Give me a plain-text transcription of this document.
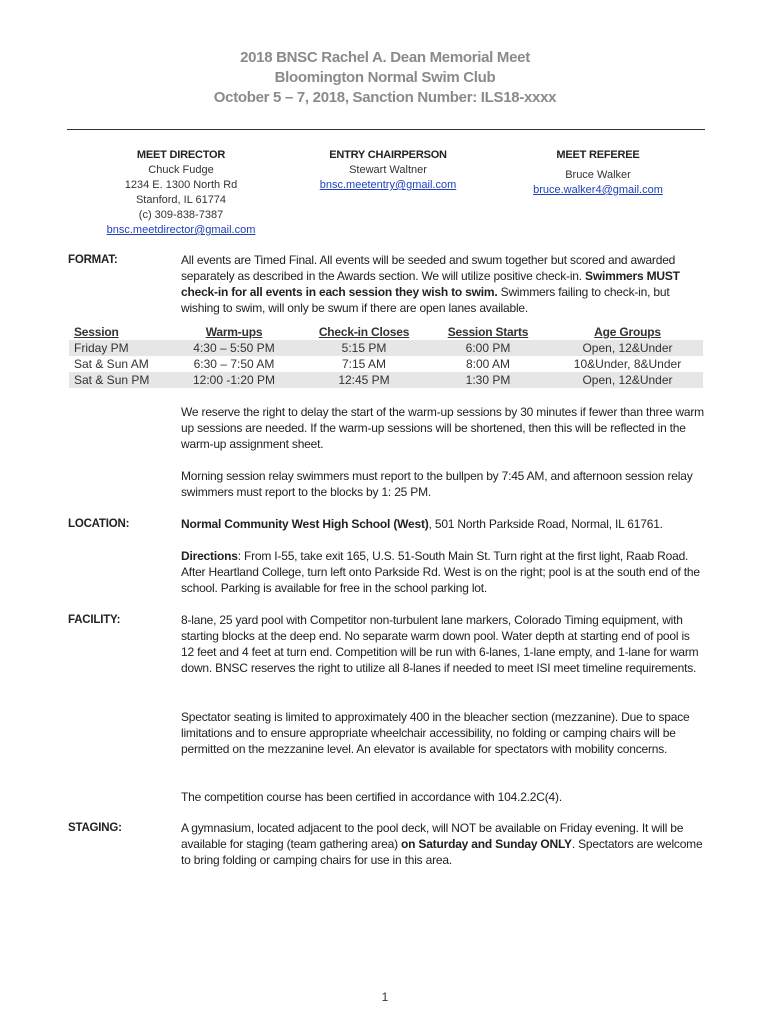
2018 BNSC Rachel A. Dean Memorial Meet
Bloomington Normal Swim Club
October 5 – 7, 2018, Sanction Number: ILS18-xxxx
MEET DIRECTOR
Chuck Fudge
1234 E. 1300 North Rd
Stanford, IL 61774
(c) 309-838-7387
bnsc.meetdirector@gmail.com
ENTRY CHAIRPERSON
Stewart Waltner
bnsc.meetentry@gmail.com
MEET REFEREE
Bruce Walker
bruce.walker4@gmail.com
FORMAT:	All events are Timed Final. All events will be seeded and swum together but scored and awarded separately as described in the Awards section. We will utilize positive check-in. Swimmers MUST check-in for all events in each session they wish to swim. Swimmers failing to check-in, but wishing to swim, will only be swum if there are open lanes available.
Session	Warm-ups	Check-in Closes	Session Starts	Age Groups
Friday PM	4:30 – 5:50 PM	5:15 PM	6:00 PM	Open, 12&Under
Sat & Sun AM	6:30 – 7:50 AM	7:15 AM	8:00 AM	10&Under, 8&Under
Sat & Sun PM	12:00 -1:20 PM	12:45 PM	1:30 PM	Open, 12&Under
We reserve the right to delay the start of the warm-up sessions by 30 minutes if fewer than three warm up sessions are needed. If the warm-up sessions will be shortened, then this will be reflected in the warm-up assignment sheet.
Morning session relay swimmers must report to the bullpen by 7:45 AM, and afternoon session relay swimmers must report to the blocks by 1: 25 PM.
LOCATION:	Normal Community West High School (West), 501 North Parkside Road, Normal, IL 61761.
Directions: From I-55, take exit 165, U.S. 51-South Main St. Turn right at the first light, Raab Road. After Heartland College, turn left onto Parkside Rd. West is on the right; pool is at the south end of the school. Parking is available for free in the school parking lot.
FACILITY:	8-lane, 25 yard pool with Competitor non-turbulent lane markers, Colorado Timing equipment, with starting blocks at the deep end. No separate warm down pool. Water depth at starting end of pool is 12 feet and 4 feet at turn end. Competition will be run with 6-lanes, 1-lane empty, and 1-lane for warm down. BNSC reserves the right to utilize all 8-lanes if needed to meet ISI meet timeline requirements.
Spectator seating is limited to approximately 400 in the bleacher section (mezzanine). Due to space limitations and to ensure appropriate wheelchair accessibility, no folding or camping chairs will be permitted on the mezzanine level. An elevator is available for spectators with mobility concerns.
The competition course has been certified in accordance with 104.2.2C(4).
STAGING:	A gymnasium, located adjacent to the pool deck, will NOT be available on Friday evening. It will be available for staging (team gathering area) on Saturday and Sunday ONLY. Spectators are welcome to bring folding or camping chairs for use in this area.
1
